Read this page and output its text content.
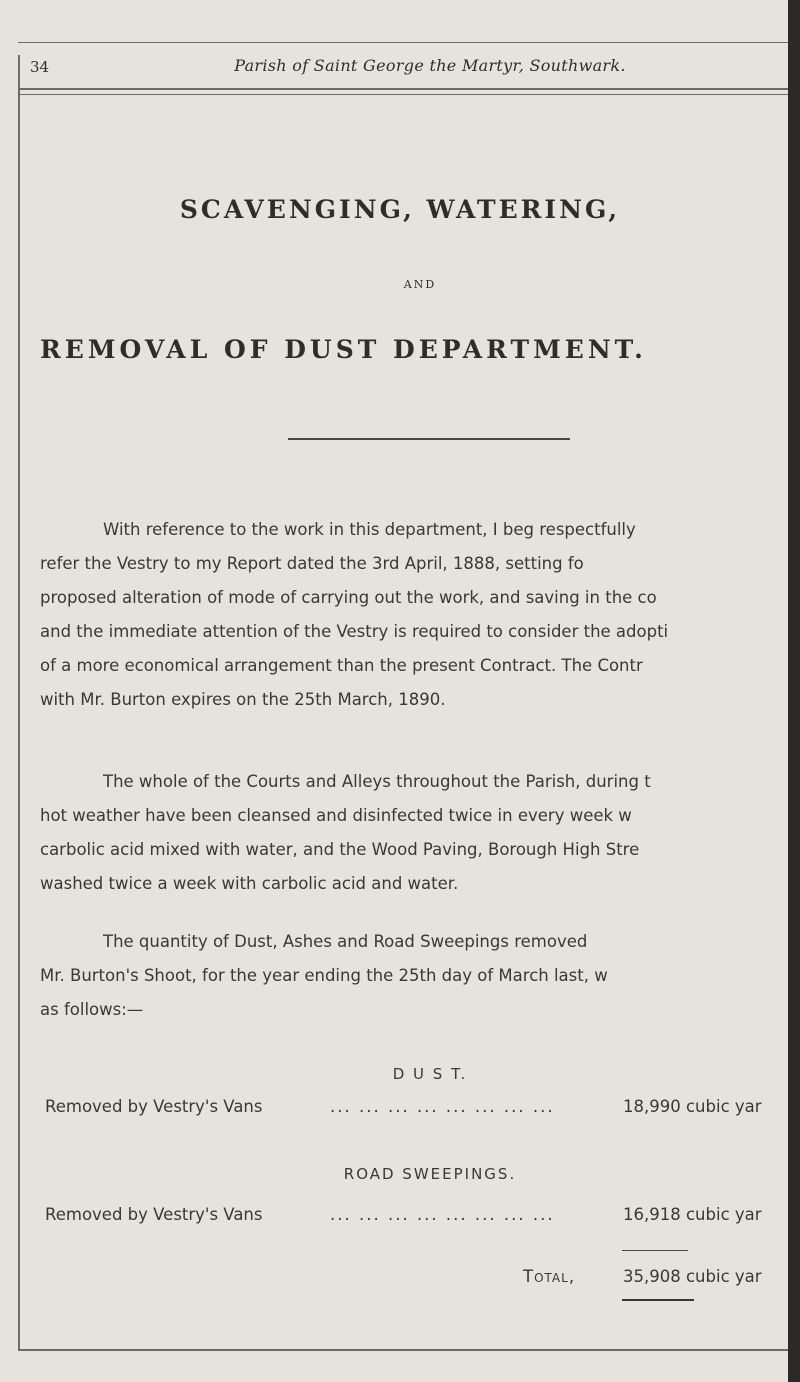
34	Parish of Saint George the Martyr, Southwark.
SCAVENGING, WATERING,
AND
REMOVAL OF DUST DEPARTMENT.
With reference to the work in this department, I beg respectfully
refer the Vestry to my Report dated the 3rd April, 1888, setting fo
proposed alteration of mode of carrying out the work, and saving in the co
and the immediate attention of the Vestry is required to consider the adopti
of a more economical arrangement than the present Contract. The Contr
with Mr. Burton expires on the 25th March, 1890.
The whole of the Courts and Alleys throughout the Parish, during t
hot weather have been cleansed and disinfected twice in every week w
carbolic acid mixed with water, and the Wood Paving, Borough High Stre
washed twice a week with carbolic acid and water.
The quantity of Dust, Ashes and Road Sweepings removed
Mr. Burton's Shoot, for the year ending the 25th day of March last, w
as follows:—
D U S T.
Removed by Vestry's Vans	... ... ... ... ... ... ... ...	18,990 cubic yar
ROAD SWEEPINGS.
Removed by Vestry's Vans	... ... ... ... ... ... ... ...	16,918 cubic yar
Total,	35,908 cubic yar
